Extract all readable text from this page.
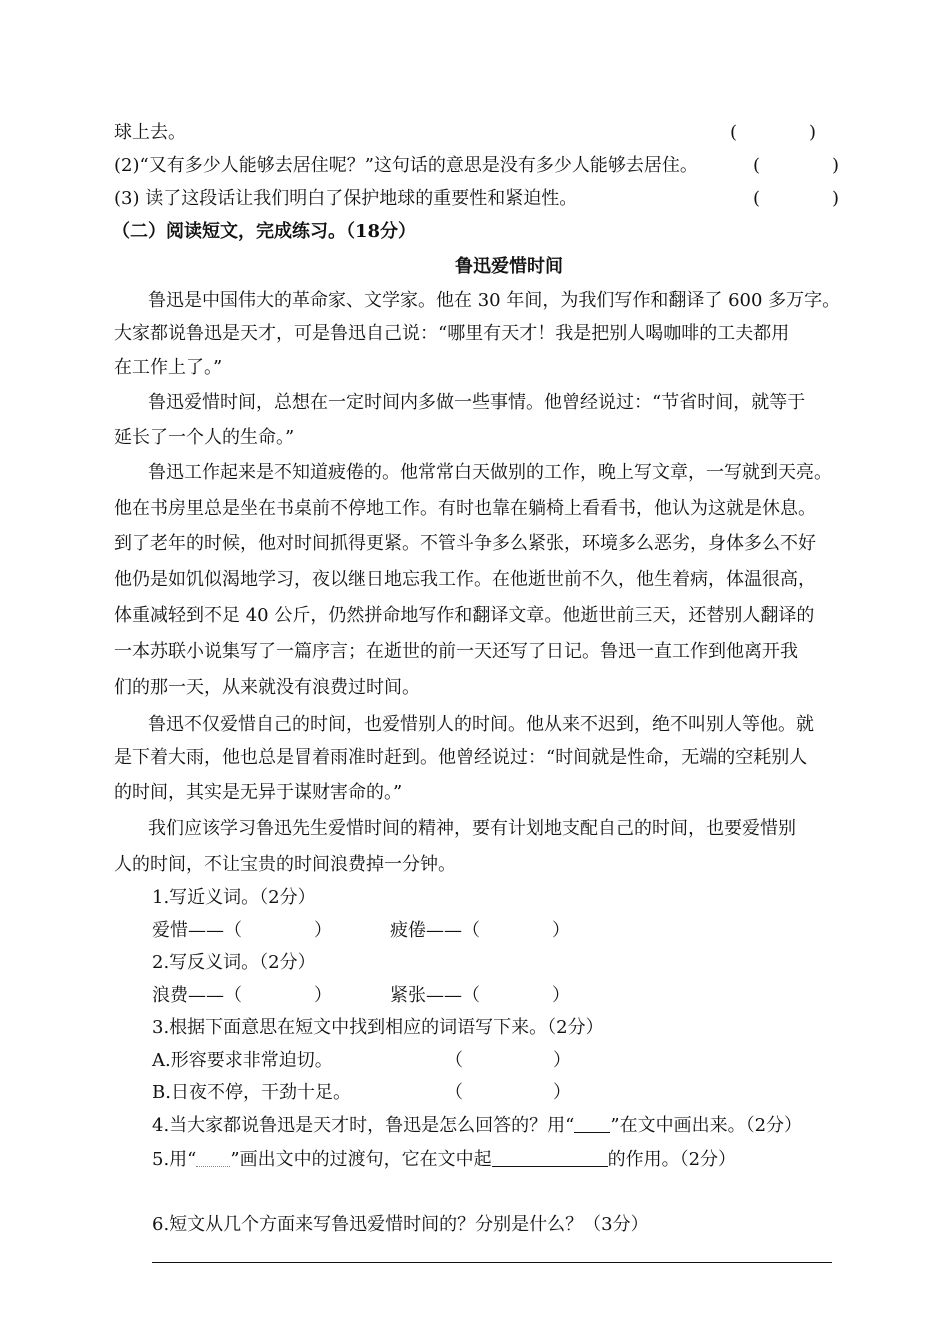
球上去。	(　　　　)
(2)“又有多少人能够去居住呢？”这句话的意思是没有多少人能够去居住。	(　　　　)
(3) 读了这段话让我们明白了保护地球的重要性和紧迫性。	(　　　　)
（二）阅读短文，完成练习。（18分）
鲁迅爱惜时间
鲁迅是中国伟大的革命家、文学家。他在 30 年间，为我们写作和翻译了 600 多万字。
大家都说鲁迅是天才，可是鲁迅自己说：“哪里有天才！我是把别人喝咖啡的工夫都用
在工作上了。”
鲁迅爱惜时间，总想在一定时间内多做一些事情。他曾经说过：“节省时间，就等于
延长了一个人的生命。”
鲁迅工作起来是不知道疲倦的。他常常白天做别的工作，晚上写文章，一写就到天亮。
他在书房里总是坐在书桌前不停地工作。有时也靠在躺椅上看看书，他认为这就是休息。
到了老年的时候，他对时间抓得更紧。不管斗争多么紧张，环境多么恶劣，身体多么不好
他仍是如饥似渴地学习，夜以继日地忘我工作。在他逝世前不久，他生着病，体温很高，
体重减轻到不足 40 公斤，仍然拼命地写作和翻译文章。他逝世前三天，还替别人翻译的
一本苏联小说集写了一篇序言；在逝世的前一天还写了日记。鲁迅一直工作到他离开我
们的那一天，从来就没有浪费过时间。
鲁迅不仅爱惜自己的时间，也爱惜别人的时间。他从来不迟到，绝不叫别人等他。就
是下着大雨，他也总是冒着雨准时赶到。他曾经说过：“时间就是性命，无端的空耗别人
的时间，其实是无异于谋财害命的。”
我们应该学习鲁迅先生爱惜时间的精神，要有计划地支配自己的时间，也要爱惜别
人的时间，不让宝贵的时间浪费掉一分钟。
1.写近义词。（2分）
爱惜——（　　　　）	疲倦——（　　　　）
2.写反义词。（2分）
浪费——（　　　　）	紧张——（　　　　）
3.根据下面意思在短文中找到相应的词语写下来。（2分）
A.形容要求非常迫切。	（　　　　　）
B.日夜不停，干劲十足。	（　　　　　）
4.当大家都说鲁迅是天才时，鲁迅是怎么回答的？用“ ”在文中画出来。（2分）
5.用“ ”画出文中的过渡句，它在文中起	的作用。（2分）
6.短文从几个方面来写鲁迅爱惜时间的？分别是什么？（3分）
